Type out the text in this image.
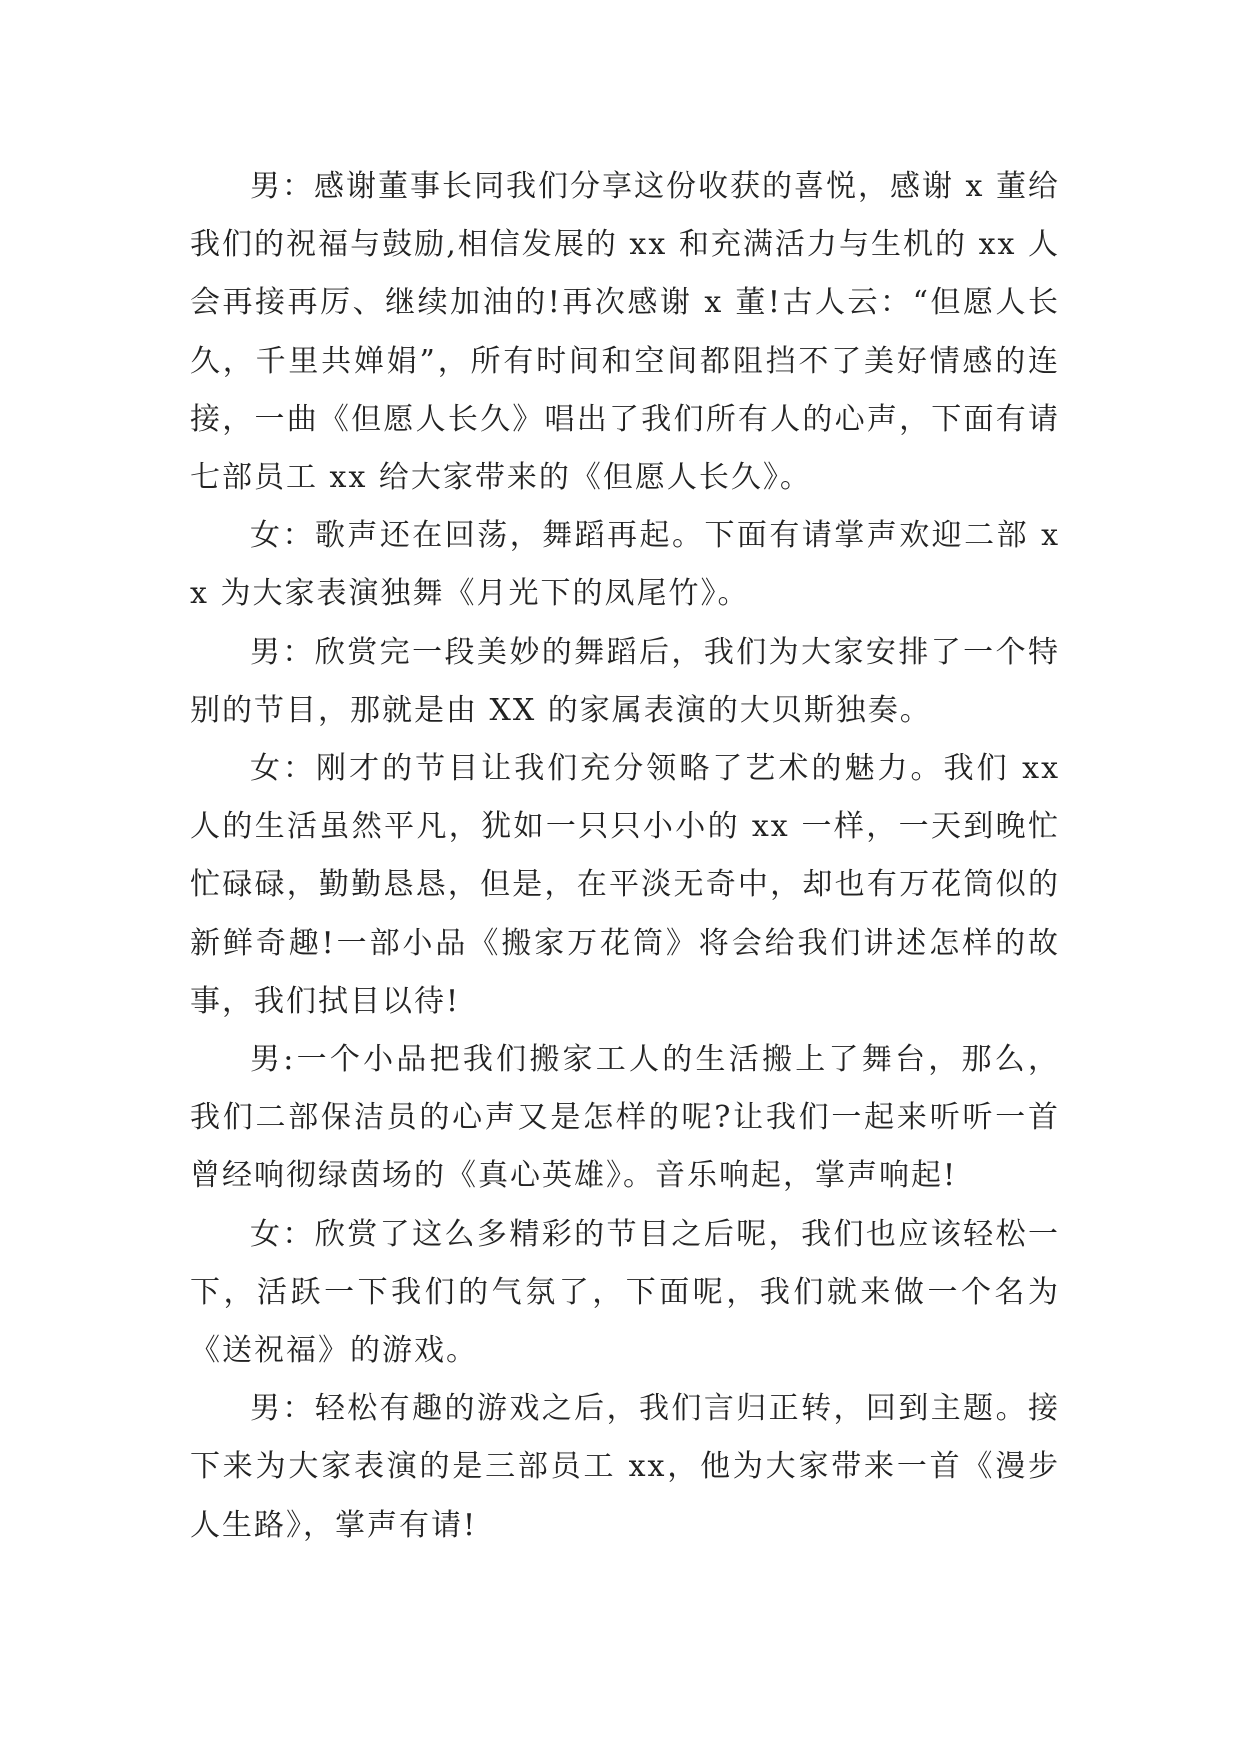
男：感谢董事长同我们分享这份收获的喜悦，感谢 x 董给我们的祝福与鼓励,相信发展的 xx 和充满活力与生机的 xx 人会再接再厉、继续加油的!再次感谢 x 董!古人云：“但愿人长久，千里共婵娟”，所有时间和空间都阻挡不了美好情感的连接，一曲《但愿人长久》唱出了我们所有人的心声，下面有请七部员工 xx 给大家带来的《但愿人长久》。

女：歌声还在回荡，舞蹈再起。下面有请掌声欢迎二部 xx 为大家表演独舞《月光下的凤尾竹》。

男：欣赏完一段美妙的舞蹈后，我们为大家安排了一个特别的节目，那就是由 XX 的家属表演的大贝斯独奏。

女：刚才的节目让我们充分领略了艺术的魅力。我们 xx 人的生活虽然平凡，犹如一只只小小的 xx 一样，一天到晚忙忙碌碌，勤勤恳恳，但是，在平淡无奇中，却也有万花筒似的新鲜奇趣!一部小品《搬家万花筒》将会给我们讲述怎样的故事，我们拭目以待!

男:一个小品把我们搬家工人的生活搬上了舞台，那么，我们二部保洁员的心声又是怎样的呢?让我们一起来听听一首曾经响彻绿茵场的《真心英雄》。音乐响起，掌声响起!

女：欣赏了这么多精彩的节目之后呢，我们也应该轻松一下，活跃一下我们的气氛了，下面呢，我们就来做一个名为《送祝福》的游戏。

男：轻松有趣的游戏之后，我们言归正转，回到主题。接下来为大家表演的是三部员工 xx，他为大家带来一首《漫步人生路》，掌声有请!
